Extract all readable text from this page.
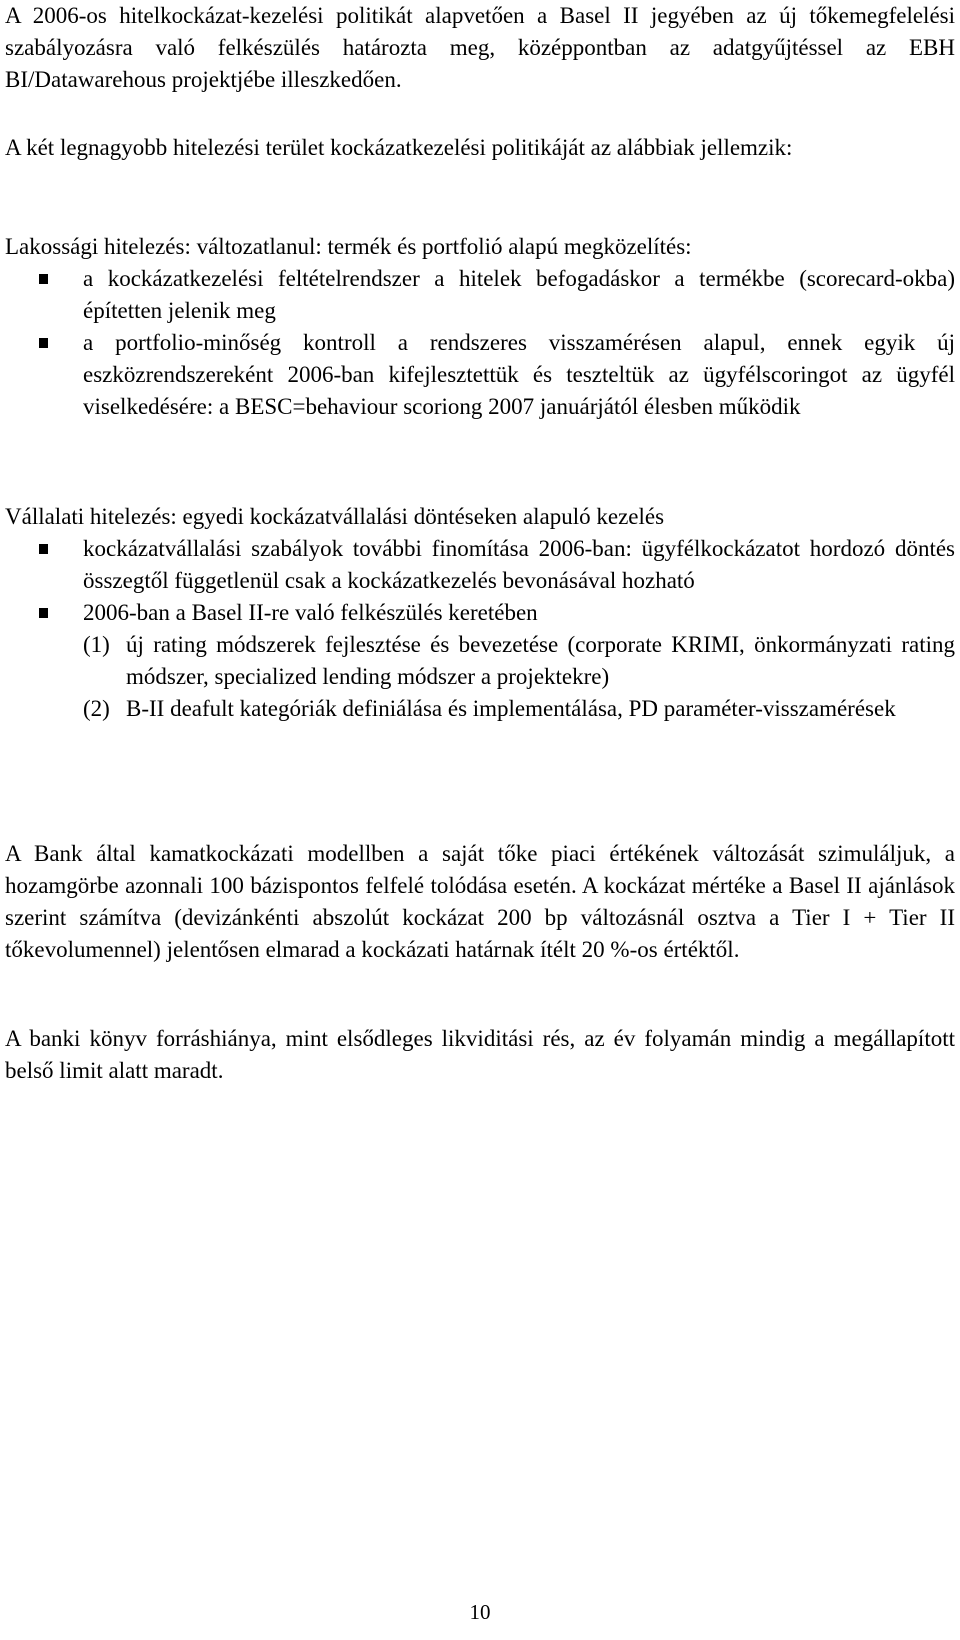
A 2006-os hitelkockázat-kezelési politikát alapvetően a Basel II jegyében az új tőkemegfelelési szabályozásra való felkészülés határozta meg, középpontban az adatgyűjtéssel az EBH BI/Datawarehous projektjébe illeszkedően.

A két legnagyobb hitelezési terület kockázatkezelési politikáját az alábbiak jellemzik:

Lakossági hitelezés: változatlanul: termék és portfolió alapú megközelítés:

a kockázatkezelési feltételrendszer a hitelek befogadáskor a termékbe (scorecard-okba) építetten jelenik meg
a portfolio-minőség kontroll a rendszeres visszamérésen alapul, ennek egyik új eszközrendszereként 2006-ban kifejlesztettük és teszteltük az ügyfélscoringot az ügyfél viselkedésére: a BESC=behaviour scoriong 2007 januárjától élesben működik

Vállalati hitelezés: egyedi kockázatvállalási döntéseken alapuló kezelés

kockázatvállalási szabályok további finomítása 2006-ban: ügyfélkockázatot hordozó döntés összegtől függetlenül csak a kockázatkezelés bevonásával hozható
2006-ban a Basel II-re való felkészülés keretében
(1) új rating módszerek fejlesztése és bevezetése (corporate KRIMI, önkormányzati rating módszer, specialized lending módszer a projektekre)
(2) B-II deafult kategóriák definiálása és implementálása, PD paraméter-visszamérések

A Bank által kamatkockázati modellben a saját tőke piaci értékének változását szimuláljuk, a hozamgörbe azonnali 100 bázispontos felfelé tolódása esetén. A kockázat mértéke a Basel II ajánlások szerint számítva (devizánkénti abszolút kockázat 200 bp változásnál osztva a Tier I + Tier II tőkevolumennel) jelentősen elmarad a kockázati határnak ítélt 20 %-os értéktől.

A banki könyv forráshiánya, mint elsődleges likviditási rés, az év folyamán mindig a megállapított belső limit alatt maradt.

10
